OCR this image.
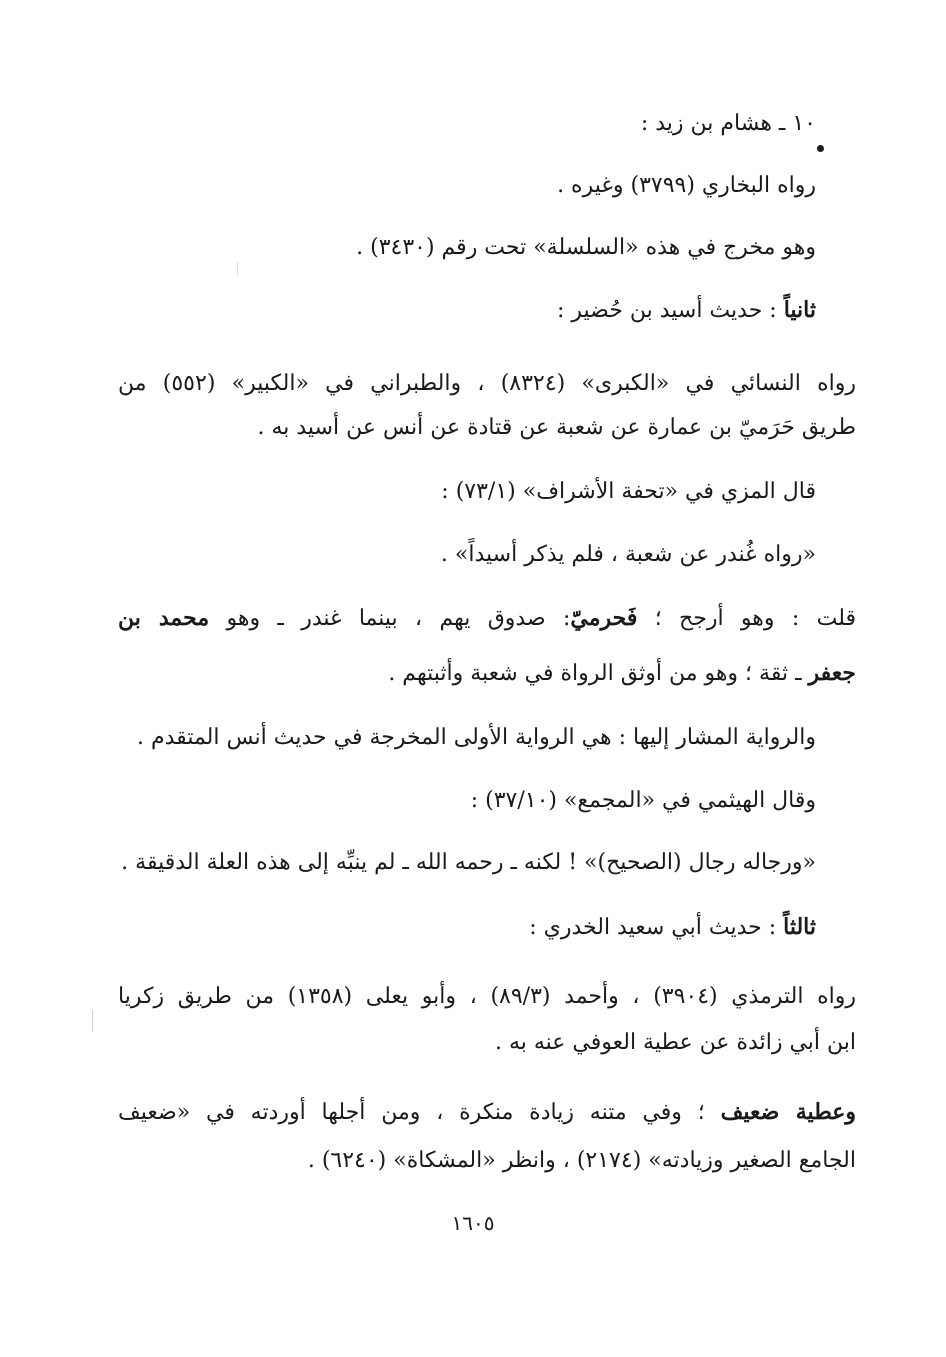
١٠ ـ هشام بن زيد :
رواه البخاري (٣٧٩٩) وغيره .
وهو مخرج في هذه «السلسلة» تحت رقم (٣٤٣٠) .
ثانياً : حديث أسيد بن حُضير :
رواه النسائي في «الكبرى» (٨٣٢٤) ، والطبراني في «الكبير» (٥٥٢) من
طريق حَرَميّ بن عمارة عن شعبة عن قتادة عن أنس عن أسيد به .
قال المزي في «تحفة الأشراف» (٧٣/١) :
«رواه غُندر عن شعبة ، فلم يذكر أسيداً» .
قلت : وهو أرجح ؛ فَحرميّ: صدوق يهم ، بينما غندر ـ وهو محمد بن
جعفر ـ ثقة ؛ وهو من أوثق الرواة في شعبة وأثبتهم .
والرواية المشار إليها : هي الرواية الأولى المخرجة في حديث أنس المتقدم .
وقال الهيثمي في «المجمع» (٣٧/١٠) :
«ورجاله رجال (الصحيح)» ! لكنه ـ رحمه الله ـ لم ينبِّه إلى هذه العلة الدقيقة .
ثالثاً : حديث أبي سعيد الخدري :
رواه الترمذي (٣٩٠٤) ، وأحمد (٨٩/٣) ، وأبو يعلى (١٣٥٨) من طريق زكريا
ابن أبي زائدة عن عطية العوفي عنه به .
وعطية ضعيف ؛ وفي متنه زيادة منكرة ، ومن أجلها أوردته في «ضعيف
الجامع الصغير وزيادته» (٢١٧٤) ، وانظر «المشكاة» (٦٢٤٠) .
١٦٠٥
